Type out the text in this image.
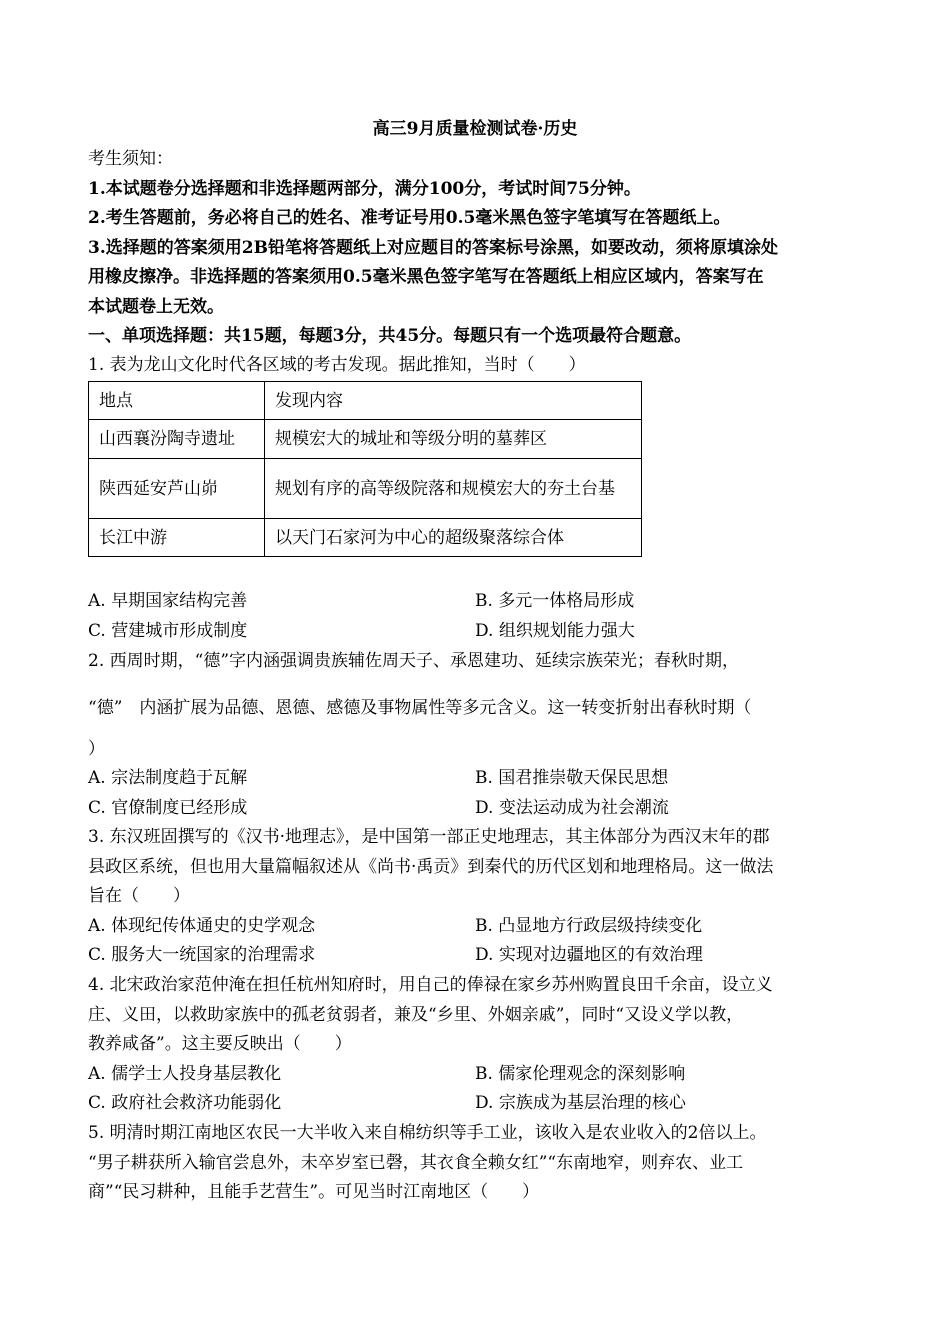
高三9月质量检测试卷·历史
考生须知：
1.本试题卷分选择题和非选择题两部分，满分100分，考试时间75分钟。
2.考生答题前，务必将自己的姓名、准考证号用0.5毫米黑色签字笔填写在答题纸上。
3.选择题的答案须用2B铅笔将答题纸上对应题目的答案标号涂黑，如要改动，须将原填涂处
用橡皮擦净。非选择题的答案须用0.5毫米黑色签字笔写在答题纸上相应区域内，答案写在
本试题卷上无效。
一、单项选择题：共15题，每题3分，共45分。每题只有一个选项最符合题意。
1. 表为龙山文化时代各区域的考古发现。据此推知，当时（　　）
地点	发现内容
山西襄汾陶寺遗址	规模宏大的城址和等级分明的墓葬区
陕西延安芦山峁	规划有序的高等级院落和规模宏大的夯土台基
长江中游	以天门石家河为中心的超级聚落综合体
A. 早期国家结构完善	B. 多元一体格局形成
C. 营建城市形成制度	D. 组织规划能力强大
2. 西周时期，“德”字内涵强调贵族辅佐周天子、承恩建功、延续宗族荣光；春秋时期，
“德”　内涵扩展为品德、恩德、感德及事物属性等多元含义。这一转变折射出春秋时期（
）
A. 宗法制度趋于瓦解	B. 国君推崇敬天保民思想
C. 官僚制度已经形成	D. 变法运动成为社会潮流
3. 东汉班固撰写的《汉书·地理志》，是中国第一部正史地理志，其主体部分为西汉末年的郡
县政区系统，但也用大量篇幅叙述从《尚书·禹贡》到秦代的历代区划和地理格局。这一做法
旨在（　　）
A. 体现纪传体通史的史学观念	B. 凸显地方行政层级持续变化
C. 服务大一统国家的治理需求	D. 实现对边疆地区的有效治理
4. 北宋政治家范仲淹在担任杭州知府时，用自己的俸禄在家乡苏州购置良田千余亩，设立义
庄、义田，以救助家族中的孤老贫弱者，兼及“乡里、外姻亲戚”，同时“又设义学以教，
教养咸备”。这主要反映出（　　）
A. 儒学士人投身基层教化	B. 儒家伦理观念的深刻影响
C. 政府社会救济功能弱化	D. 宗族成为基层治理的核心
5. 明清时期江南地区农民一大半收入来自棉纺织等手工业，该收入是农业收入的2倍以上。
“男子耕获所入输官尝息外，未卒岁室已磬，其衣食全赖女红”“东南地窄，则弃农、业工
商”“民习耕种，且能手艺营生”。可见当时江南地区（　　）
